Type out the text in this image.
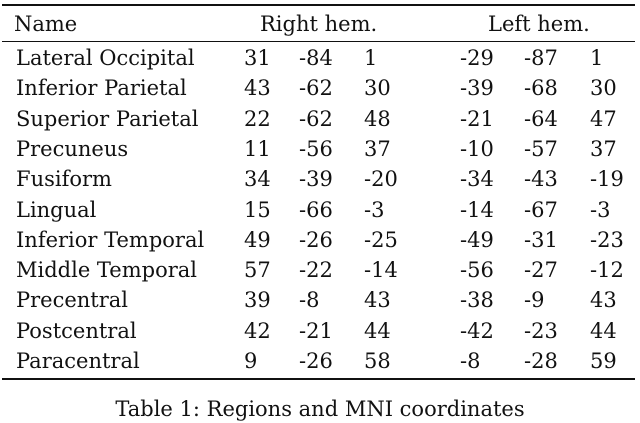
Name	Right hem.	Left hem.
Lateral Occipital 31 -84 1	-29 -87 1
Inferior Parietal	43 -62 30	-39 -68 30
Superior Parietal 22 -62 48	-21 -64 47
Precuneus	11 -56 37	-10 -57 37
Fusiform	34 -39 -20	-34 -43 -19
Lingual	15 -66 -3	-14 -67 -3
Inferior Temporal 49 -26 -25	-49 -31 -23
Middle Temporal 57 -22 -14	-56 -27 -12
Precentral	39 -8 43	-38 -9 43
Postcentral	42 -21 44	-42 -23 44
Paracentral	9 -26 58	-8 -28 59
Table 1: Regions and MNI coordinates
